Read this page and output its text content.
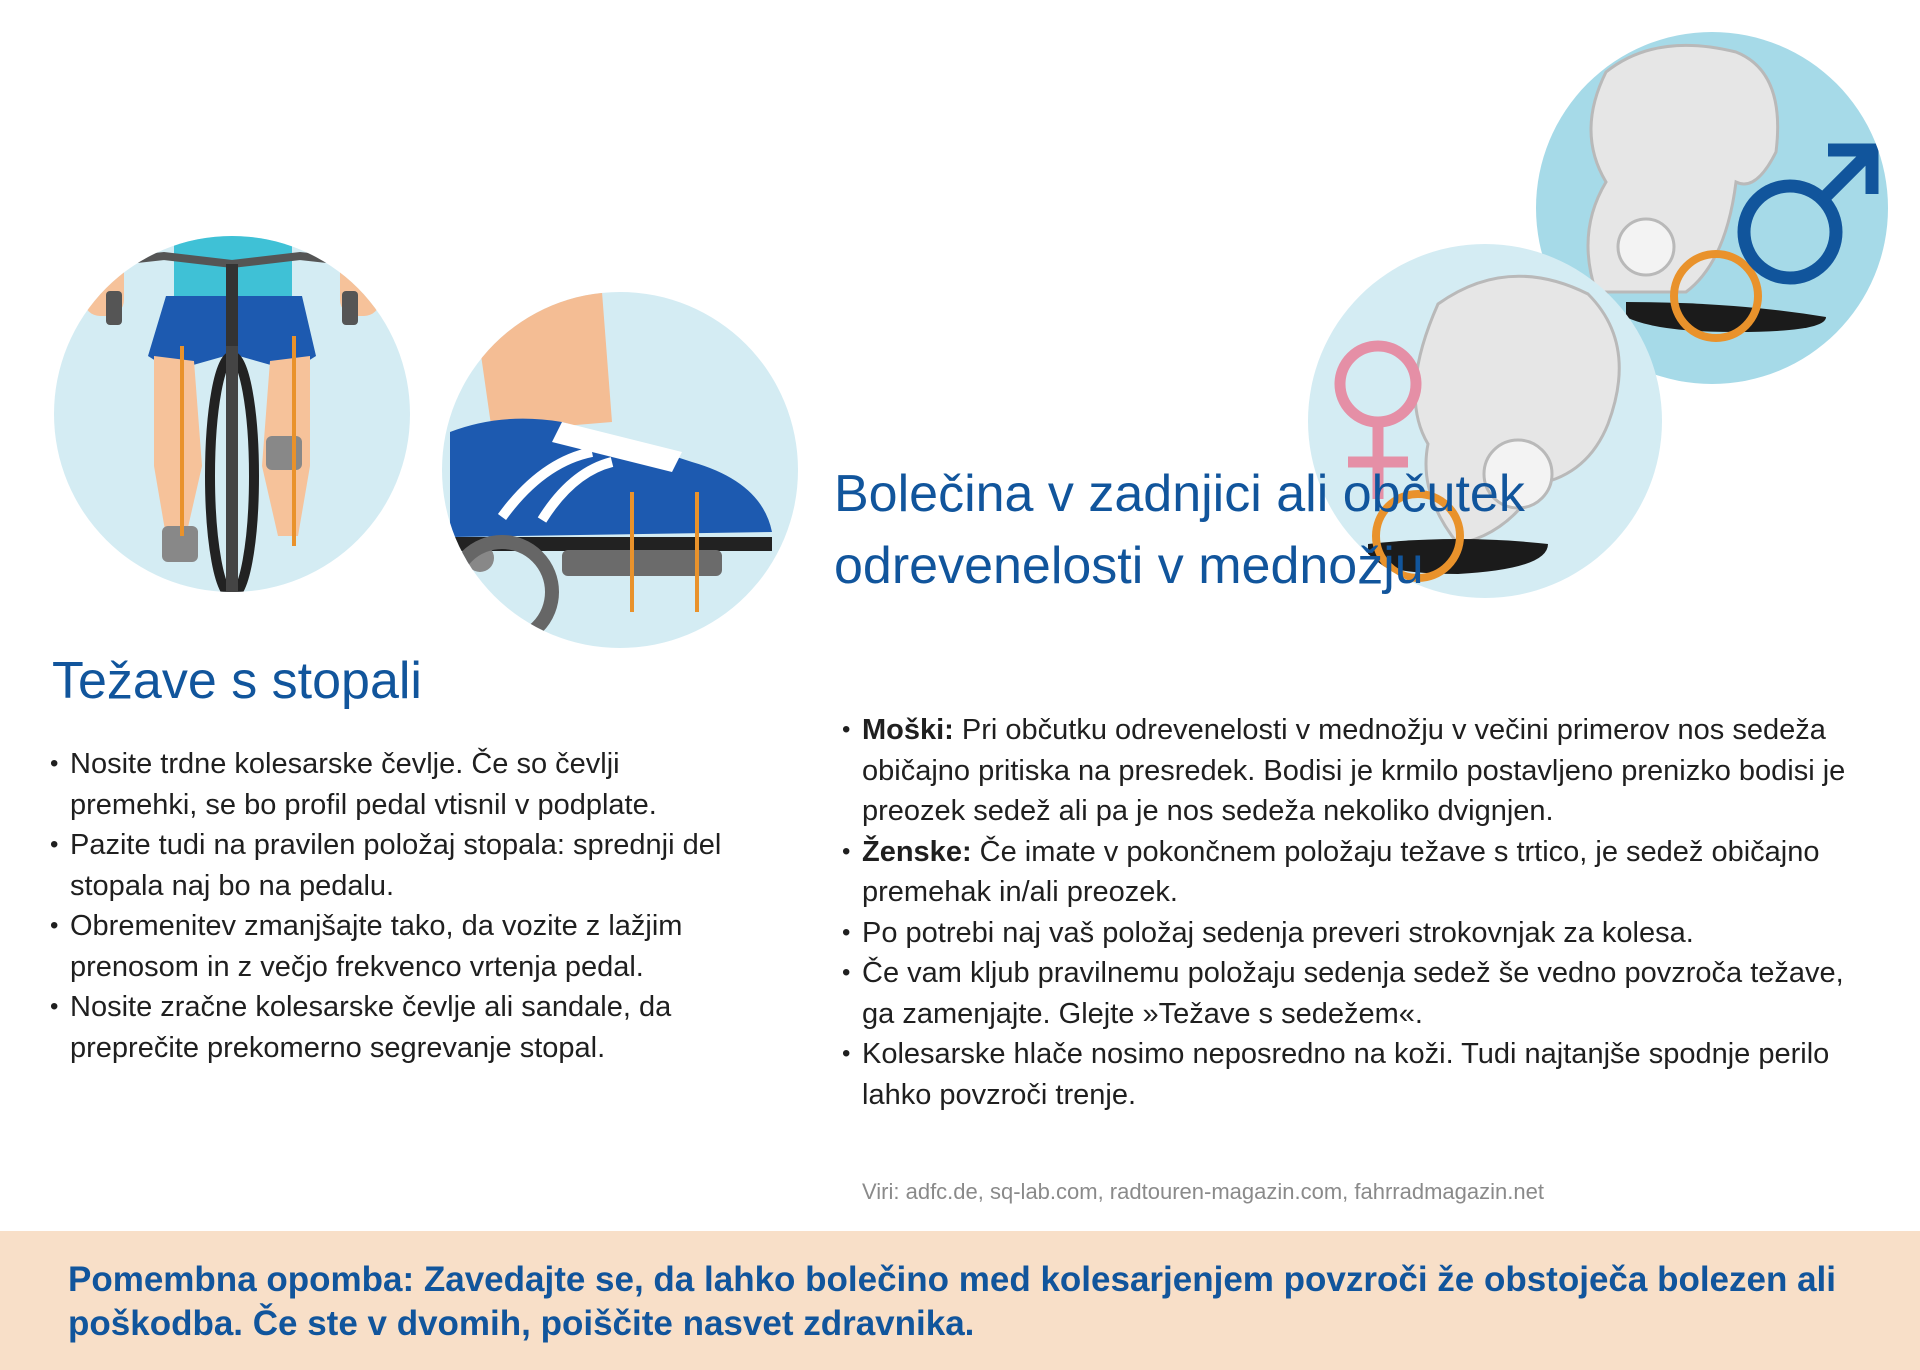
Težave s stopali
• Nosite trdne kolesarske čevlje. Če so čevlji premehki, se bo profil pedal vtisnil v podplate.
• Pazite tudi na pravilen položaj stopala: sprednji del stopala naj bo na pedalu.
• Obremenitev zmanjšajte tako, da vozite z lažjim prenosom in z večjo frekvenco vrtenja pedal.
• Nosite zračne kolesarske čevlje ali sandale, da preprečite prekomerno segrevanje stopal.
Bolečina v zadnjici ali občutek odrevenelosti v mednožju
• Moški: Pri občutku odrevenelosti v mednožju v večini primerov nos sedeža običajno pritiska na presredek. Bodisi je krmilo postavljeno prenizko bodisi je preozek sedež ali pa je nos sedeža nekoliko dvignjen.
• Ženske: Če imate v pokončnem položaju težave s trtico, je sedež običajno premehak in/ali preozek.
• Po potrebi naj vaš položaj sedenja preveri strokovnjak za kolesa.
• Če vam kljub pravilnemu položaju sedenja sedež še vedno povzroča težave, ga zamenjajte. Glejte »Težave s sedežem«.
• Kolesarske hlače nosimo neposredno na koži. Tudi najtanjše spodnje perilo lahko povzroči trenje.
Viri: adfc.de, sq-lab.com, radtouren-magazin.com, fahrradmagazin.net

Pomembna opomba: Zavedajte se, da lahko bolečino med kolesarjenjem povzroči že obstoječa bolezen ali poškodba. Če ste v dvomih, poiščite nasvet zdravnika.
